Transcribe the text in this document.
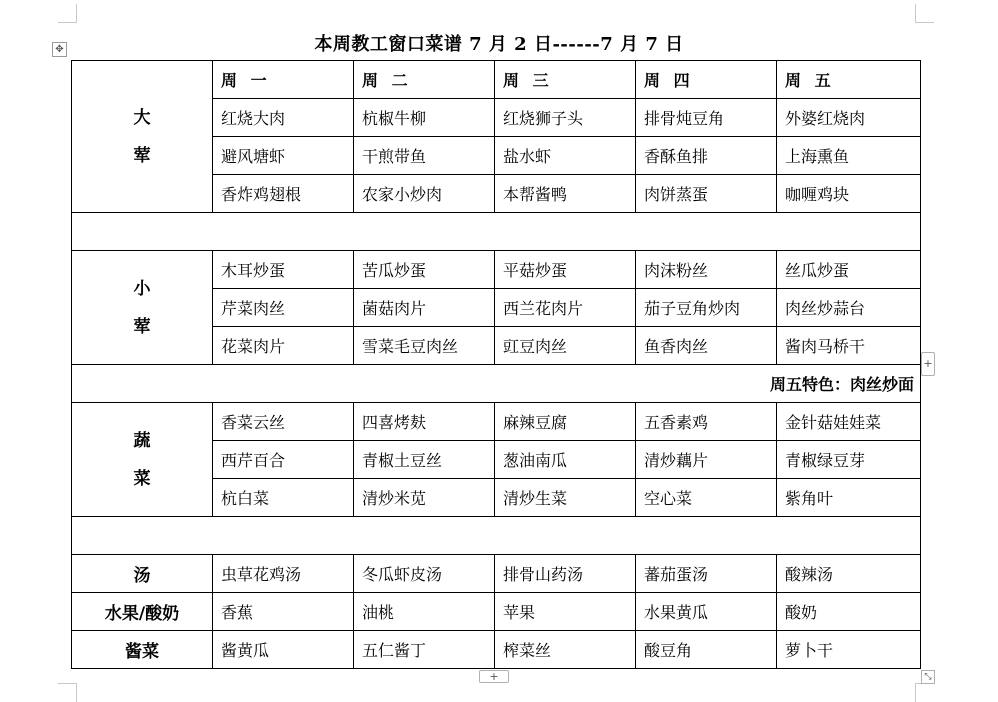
本周教工窗口菜谱 7 月 2 日------7 月 7 日
✥
大
荤	周 一	周 二	周 三	周 四	周 五
	红烧大肉	杭椒牛柳	红烧狮子头	排骨炖豆角	外婆红烧肉
	避风塘虾	干煎带鱼	盐水虾	香酥鱼排	上海熏鱼
	香炸鸡翅根	农家小炒肉	本帮酱鸭	肉饼蒸蛋	咖喱鸡块

小
荤	木耳炒蛋	苦瓜炒蛋	平菇炒蛋	肉沫粉丝	丝瓜炒蛋
	芹菜肉丝	菌菇肉片	西兰花肉片	茄子豆角炒肉	肉丝炒蒜台
	花菜肉片	雪菜毛豆肉丝	豇豆肉丝	鱼香肉丝	酱肉马桥干
周五特色：肉丝炒面					
蔬
菜	香菜云丝	四喜烤麸	麻辣豆腐	五香素鸡	金针菇娃娃菜
	西芹百合	青椒土豆丝	葱油南瓜	清炒藕片	青椒绿豆芽
	杭白菜	清炒米苋	清炒生菜	空心菜	紫角叶

汤	虫草花鸡汤	冬瓜虾皮汤	排骨山药汤	蕃茄蛋汤	酸辣汤
水果/酸奶	香蕉	油桃	苹果	水果黄瓜	酸奶
酱菜	酱黄瓜	五仁酱丁	榨菜丝	酸豆角	萝卜干
+
+	⤡
